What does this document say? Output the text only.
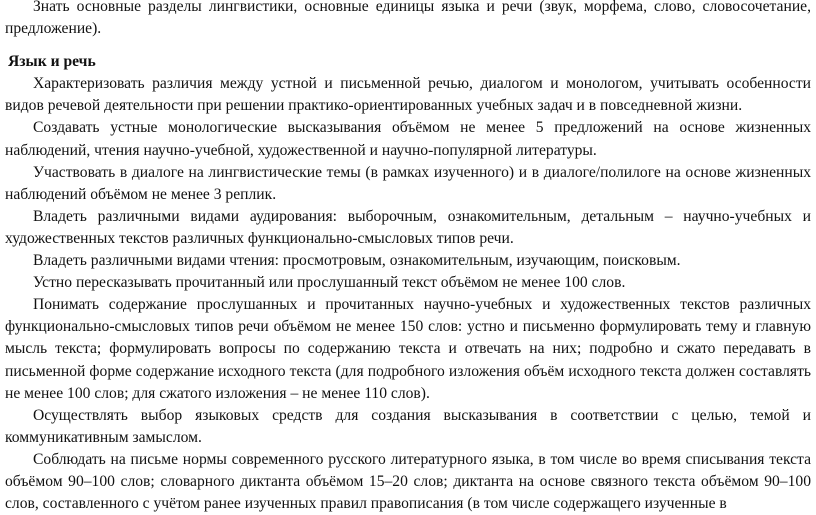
Знать основные разделы лингвистики, основные единицы языка и речи (звук, морфема, слово, словосочетание, предложение).

Язык и речь

Характеризовать различия между устной и письменной речью, диалогом и монологом, учитывать особенности видов речевой деятельности при решении практико-ориентированных учебных задач и в повседневной жизни.

Создавать устные монологические высказывания объёмом не менее 5 предложений на основе жизненных наблюдений, чтения научно-учебной, художественной и научно-популярной литературы.

Участвовать в диалоге на лингвистические темы (в рамках изученного) и в диалоге/полилоге на основе жизненных наблюдений объёмом не менее 3 реплик.

Владеть различными видами аудирования: выборочным, ознакомительным, детальным – научно-учебных и художественных текстов различных функционально-смысловых типов речи.

Владеть различными видами чтения: просмотровым, ознакомительным, изучающим, поисковым.

Устно пересказывать прочитанный или прослушанный текст объёмом не менее 100 слов.

Понимать содержание прослушанных и прочитанных научно-учебных и художественных текстов различных функционально-смысловых типов речи объёмом не менее 150 слов: устно и письменно формулировать тему и главную мысль текста; формулировать вопросы по содержанию текста и отвечать на них; подробно и сжато передавать в письменной форме содержание исходного текста (для подробного изложения объём исходного текста должен составлять не менее 100 слов; для сжатого изложения – не менее 110 слов).

Осуществлять выбор языковых средств для создания высказывания в соответствии с целью, темой и коммуникативным замыслом.

Соблюдать на письме нормы современного русского литературного языка, в том числе во время списывания текста объёмом 90–100 слов; словарного диктанта объёмом 15–20 слов; диктанта на основе связного текста объёмом 90–100 слов, составленного с учётом ранее изученных правил правописания (в том числе содержащего изученные в
